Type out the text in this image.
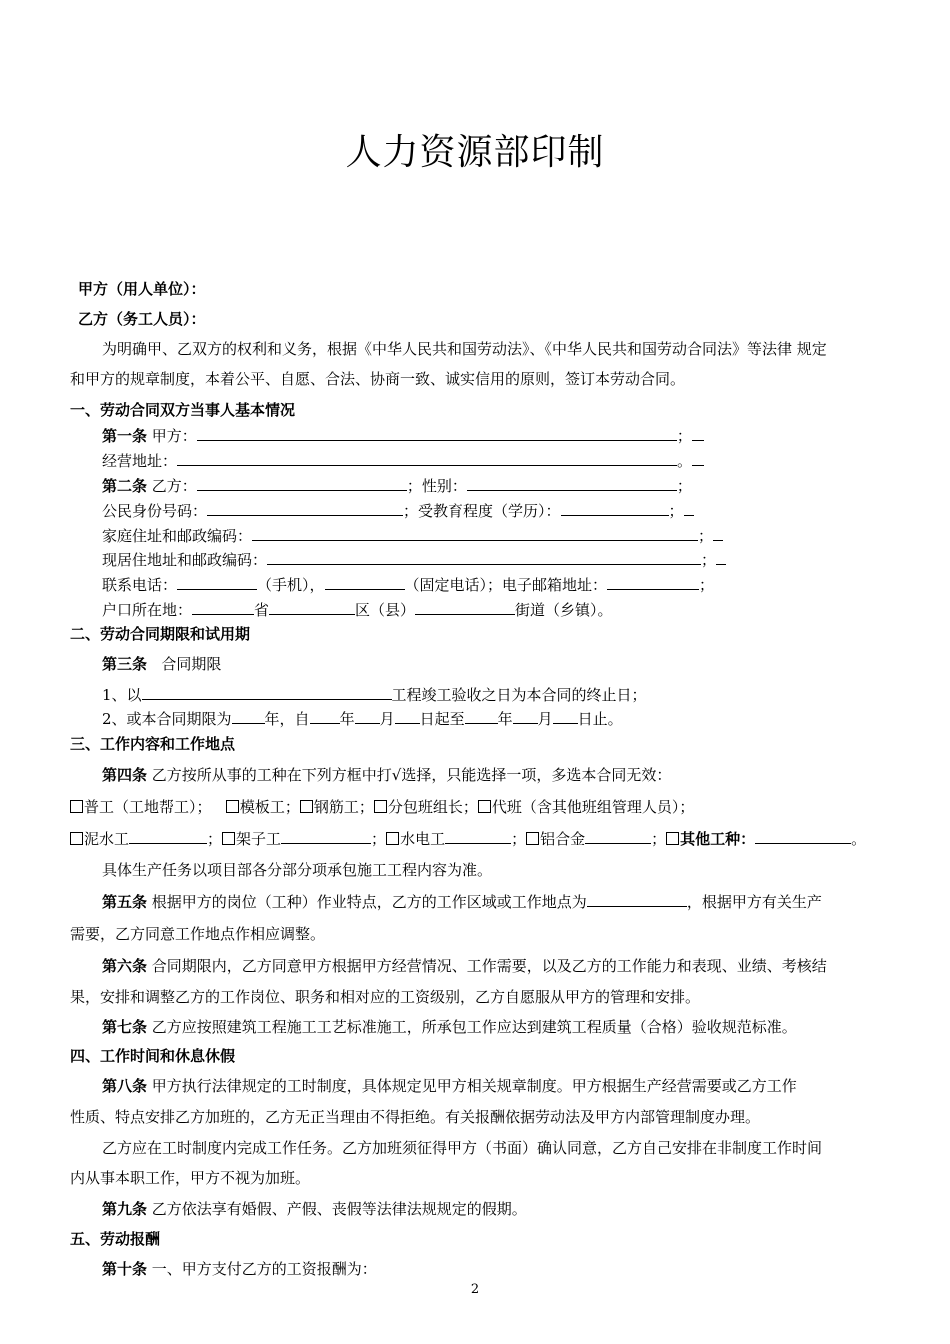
人力资源部印制
甲方（用人单位）：
乙方（务工人员）：
为明确甲、乙双方的权利和义务，根据《中华人民共和国劳动法》、《中华人民共和国劳动合同法》等法律 规定
和甲方的规章制度，本着公平、自愿、合法、协商一致、诚实信用的原则，签订本劳动合同。
一、劳动合同双方当事人基本情况
第一条 甲方：	；
经营地址：	。
第二条 乙方：	；性别：	；
公民身份号码：	；受教育程度（学历）：	；
家庭住址和邮政编码：	；
现居住地址和邮政编码：	；
联系电话：	（手机），	（固定电话）；电子邮箱地址：	；
户口所在地：	省	区（县）	街道（乡镇）。
二、劳动合同期限和试用期
第三条 合同期限
1、以	工程竣工验收之日为本合同的终止日；
2、或本合同期限为 年，自 年 月 日起至 年 月 日止。
三、工作内容和工作地点
第四条 乙方按所从事的工种在下列方框中打√选择，只能选择一项，多选本合同无效：
普工（工地帮工）； 模板工； 钢筋工； 分包班组长； 代班（含其他班组管理人员）；
泥水工	； 架子工	； 水电工	； 铝合金	； 其他工种：	。
具体生产任务以项目部各分部分项承包施工工程内容为准。
第五条 根据甲方的岗位（工种）作业特点，乙方的工作区域或工作地点为	，根据甲方有关生产
需要，乙方同意工作地点作相应调整。
第六条 合同期限内，乙方同意甲方根据甲方经营情况、工作需要，以及乙方的工作能力和表现、业绩、考核结
果，安排和调整乙方的工作岗位、职务和相对应的工资级别，乙方自愿服从甲方的管理和安排。
第七条 乙方应按照建筑工程施工工艺标准施工，所承包工作应达到建筑工程质量（合格）验收规范标准。
四、工作时间和休息休假
第八条 甲方执行法律规定的工时制度，具体规定见甲方相关规章制度。甲方根据生产经营需要或乙方工作
性质、特点安排乙方加班的，乙方无正当理由不得拒绝。有关报酬依据劳动法及甲方内部管理制度办理。
乙方应在工时制度内完成工作任务。乙方加班须征得甲方（书面）确认同意，乙方自己安排在非制度工作时间
内从事本职工作，甲方不视为加班。
第九条 乙方依法享有婚假、产假、丧假等法律法规规定的假期。
五、劳动报酬
第十条 一、甲方支付乙方的工资报酬为：
2
